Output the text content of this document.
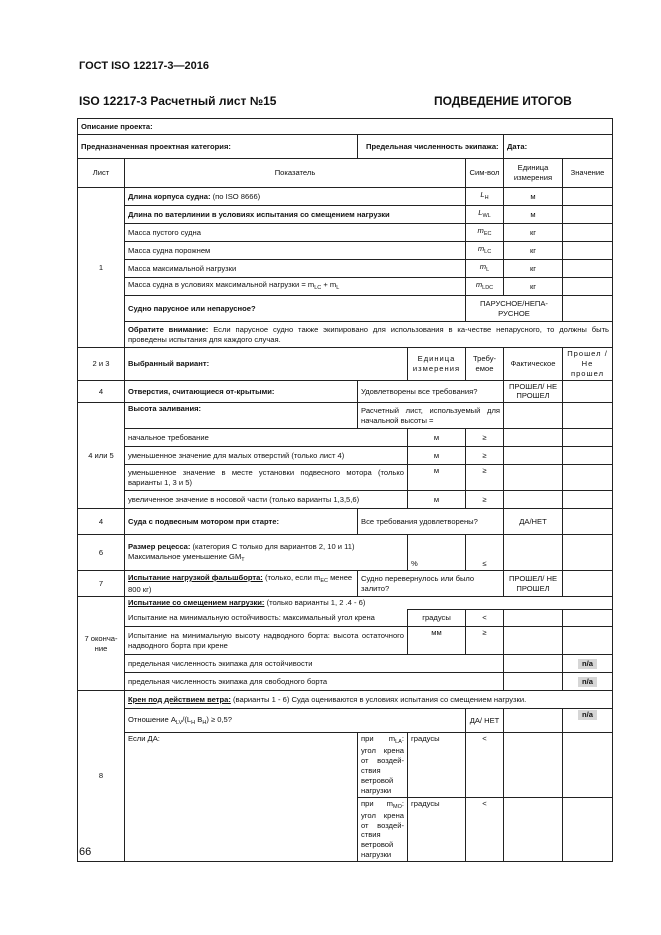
ГОСТ ISO 12217-3—2016
ISO 12217-3 Расчетный лист №15	ПОДВЕДЕНИЕ ИТОГОВ
Описание проекта:						
Предназначенная проектная категория:		Предельная численность экипажа:			Дата:	
Лист	Показатель			Сим-вол	Единица измерения	Значение
1	Длина корпуса судна: (по ISO 8666)			$L_H$	м	
	Длина по ватерлинии в условиях испытания со смещением нагрузки			$L_{WL}$	м	
	Масса пустого судна			$m_{EC}$	кг	
	Масса судна порожнем			$m_{LC}$	кг	
	Масса максимальной нагрузки			$m_L$	кг	
	Масса судна в условиях максимальной нагрузки = $m_{LC} + m_L$			$m_{LDC}$	кг	
	Судно парусное или непарусное?			ПАРУСНОЕ/НЕПА-РУСНОЕ		
	Обратите внимание: Если парусное судно также экипировано для использования в ка-честве непарусного, то должны быть проведены испытания для каждого случая.					
2 и 3	Выбранный вариант:		Единица измерения	Требу-емое	Фактическое	Прошел / Не прошел
4	Отверстия, считающиеся от-крытыми:	Удовлетворены все требования?			ПРОШЕЛ/ НЕ ПРОШЕЛ	
4 или 5	Высота заливания:	Расчетный лист, используемый для начальной высоты =				
	начальное требование		м	≥		
	уменьшенное значение для малых отверстий (только лист 4)		м	≥		
	уменьшенное значение в месте установки подвесного мотора (только варианты 1, 3 и 5)		м	≥		
	увеличенное значение в носовой части (только варианты 1,3,5,6)		м	≥		
4	Суда с подвесным мотором при старте:	Все требования удовлетворены?			ДА/НЕТ	
6	Размер рецесса: (категория С только для вариантов 2, 10 и 11)
Максимальное уменьшение $GM_T$		%	≤		
7	Испытание нагрузкой фальшборта: (только, если $m_{EC}$ менее 800 кг)	Судно перевернулось или было залито?			ПРОШЕЛ/ НЕ ПРОШЕЛ	
7 оконча-ние	Испытание со смещением нагрузки: (только варианты 1, 2 .4 - 6)					
	Испытание на минимальную остойчивость: максимальный угол крена		градусы	<		
	Испытание на минимальную высоту надводного борта: высота остаточного надводного борта при крене		мм	≥		
	предельная численность экипажа для остойчивости					n/a
	предельная численность экипажа для свободного борта					n/a
8	Крен под действием ветра: (варианты 1 - 6) Суда оцениваются в условиях испытания со смещением нагрузки.					
	Отношение $A_{LV}/(L_H$ $B_H) \ge 0,5$?			ДА/ НЕТ		n/a
	Если ДА:	при $m_{LA}$: угол крена от воздей-ствия ветровой нагрузки	градусы	<		
		при $m_{MO}$: угол крена от воздей-ствия ветровой нагрузки	градусы	<		
66
